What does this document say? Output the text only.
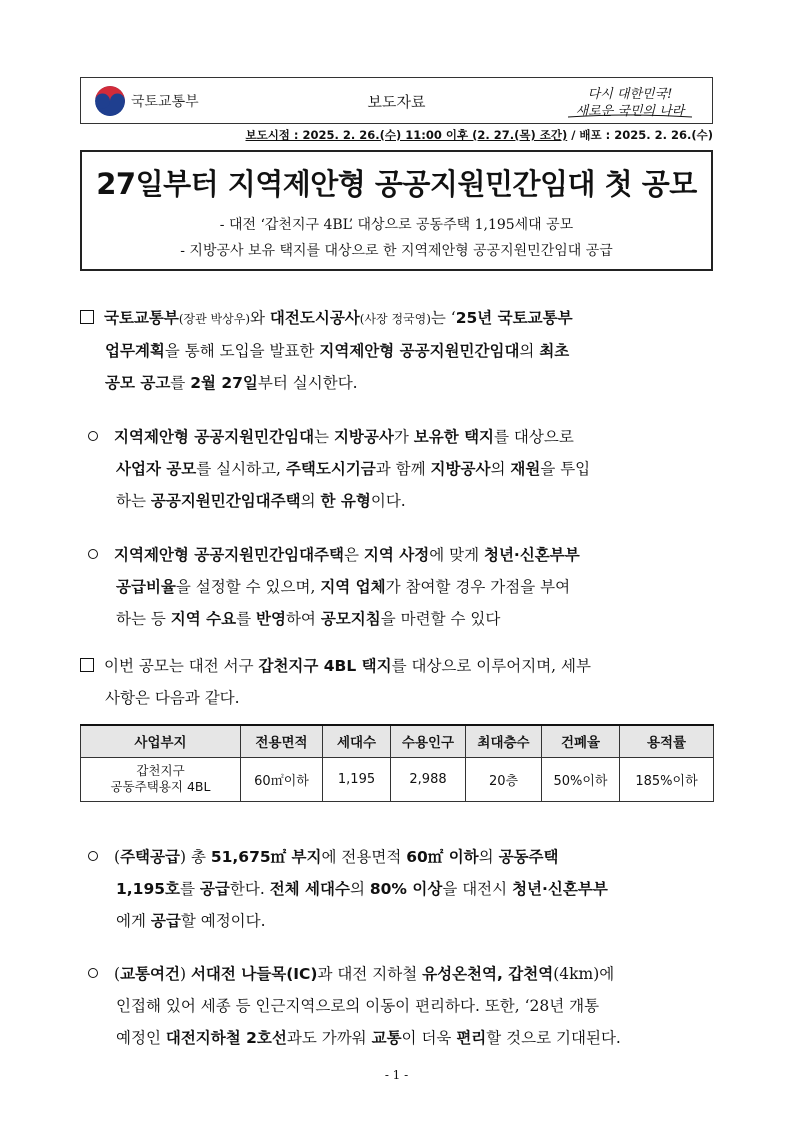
국토교통부	보도자료	다시 대한민국!
새로운 국민의 나라
보도시점 : 2025. 2. 26.(수) 11:00 이후 (2. 27.(목) 조간) / 배포 : 2025. 2. 26.(수)
27일부터 지역제안형 공공지원민간임대 첫 공모
- 대전 ‘갑천지구 4BL’ 대상으로 공동주택 1,195세대 공모
- 지방공사 보유 택지를 대상으로 한 지역제안형 공공지원민간임대 공급
국토교통부(장관 박상우)와 대전도시공사(사장 정국영)는 ‘25년 국토교통부
업무계획을 통해 도입을 발표한 지역제안형 공공지원민간임대의 최초
공모 공고를 2월 27일부터 실시한다.
지역제안형 공공지원민간임대는 지방공사가 보유한 택지를 대상으로
사업자 공모를 실시하고, 주택도시기금과 함께 지방공사의 재원을 투입
하는 공공지원민간임대주택의 한 유형이다.
지역제안형 공공지원민간임대주택은 지역 사정에 맞게 청년·신혼부부
공급비율을 설정할 수 있으며, 지역 업체가 참여할 경우 가점을 부여
하는 등 지역 수요를 반영하여 공모지침을 마련할 수 있다
이번 공모는 대전 서구 갑천지구 4BL 택지를 대상으로 이루어지며, 세부
사항은 다음과 같다.
사업부지	전용면적	세대수	수용인구	최대층수	건폐율	용적률
갑천지구
공동주택용지 4BL	60㎡이하	1,195	2,988	20층	50%이하	185%이하
(주택공급) 총 51,675㎡ 부지에 전용면적 60㎡ 이하의 공동주택
1,195호를 공급한다. 전체 세대수의 80% 이상을 대전시 청년·신혼부부
에게 공급할 예정이다.
(교통여건) 서대전 나들목(IC)과 대전 지하철 유성온천역, 갑천역(4km)에
인접해 있어 세종 등 인근지역으로의 이동이 편리하다. 또한, ‘28년 개통
예정인 대전지하철 2호선과도 가까워 교통이 더욱 편리할 것으로 기대된다.
- 1 -
